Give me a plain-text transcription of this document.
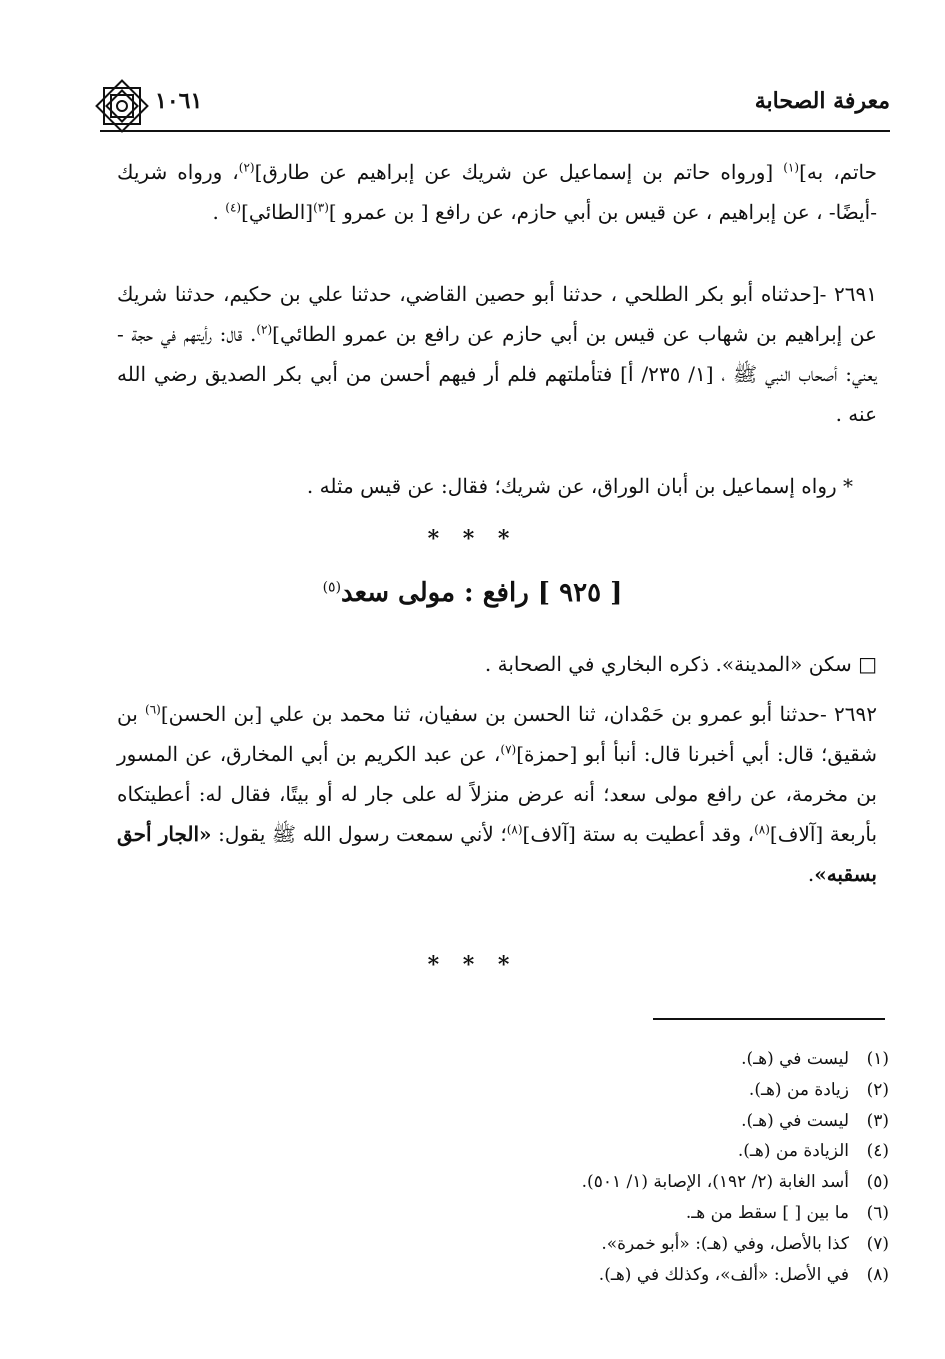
معرفة الصحابة
١٠٦١
حاتم، به]$^{(١)}$ [ورواه حاتم بن إسماعيل عن شريك عن إبراهيم عن طارق]$^{(٢)}$، ورواه شريك -أيضًا- ، عن إبراهيم ، عن قيس بن أبي حازم، عن رافع [ بن عمرو ]$^{(٣)}$[الطائي]$^{(٤)}$ .
٢٦٩١ -[حدثناه أبو بكر الطلحي ، حدثنا أبو حصين القاضي، حدثنا علي بن حكيم، حدثنا شريك عن إبراهيم بن شهاب عن قيس بن أبي حازم عن رافع بن عمرو الطائي]$^{(٢)}$. قال: رأيتهم في حجة - يعني: أصحاب النبي ﷺ ، [١/ ٢٣٥/ أ] فتأملتهم فلم أر فيهم أحسن من أبي بكر الصديق رضي الله عنه .
* رواه إسماعيل بن أبان الوراق، عن شريك؛ فقال: عن قيس مثله .
* * *
[ ٩٢٥ ] رافع : مولى سعد$^{(٥)}$
□ سكن «المدينة». ذكره البخاري في الصحابة .
٢٦٩٢ -حدثنا أبو عمرو بن حَمْدان، ثنا الحسن بن سفيان، ثنا محمد بن علي [بن الحسن]$^{(٦)}$ بن شقيق؛ قال: أبي أخبرنا قال: أنبأ أبو [حمزة]$^{(٧)}$، عن عبد الكريم بن أبي المخارق، عن المسور بن مخرمة، عن رافع مولى سعد؛ أنه عرض منزلاً له على جار له أو بيتًا، فقال له: أعطيتكاه بأربعة [آلاف]$^{(٨)}$، وقد أعطيت به ستة [آلاف]$^{(٨)}$؛ لأني سمعت رسول الله ﷺ يقول: «الجار أحق بسقبه».
* * *
(١)ليست في (هـ).
(٢)زيادة من (هـ).
(٣)ليست في (هـ).
(٤)الزيادة من (هـ).
(٥)أسد الغابة (٢/ ١٩٢)، الإصابة (١/ ٥٠١).
(٦)ما بين [ ] سقط من هـ.
(٧)كذا بالأصل، وفي (هـ): «أبو خمرة».
(٨)في الأصل: «ألف»، وكذلك في (هـ).
